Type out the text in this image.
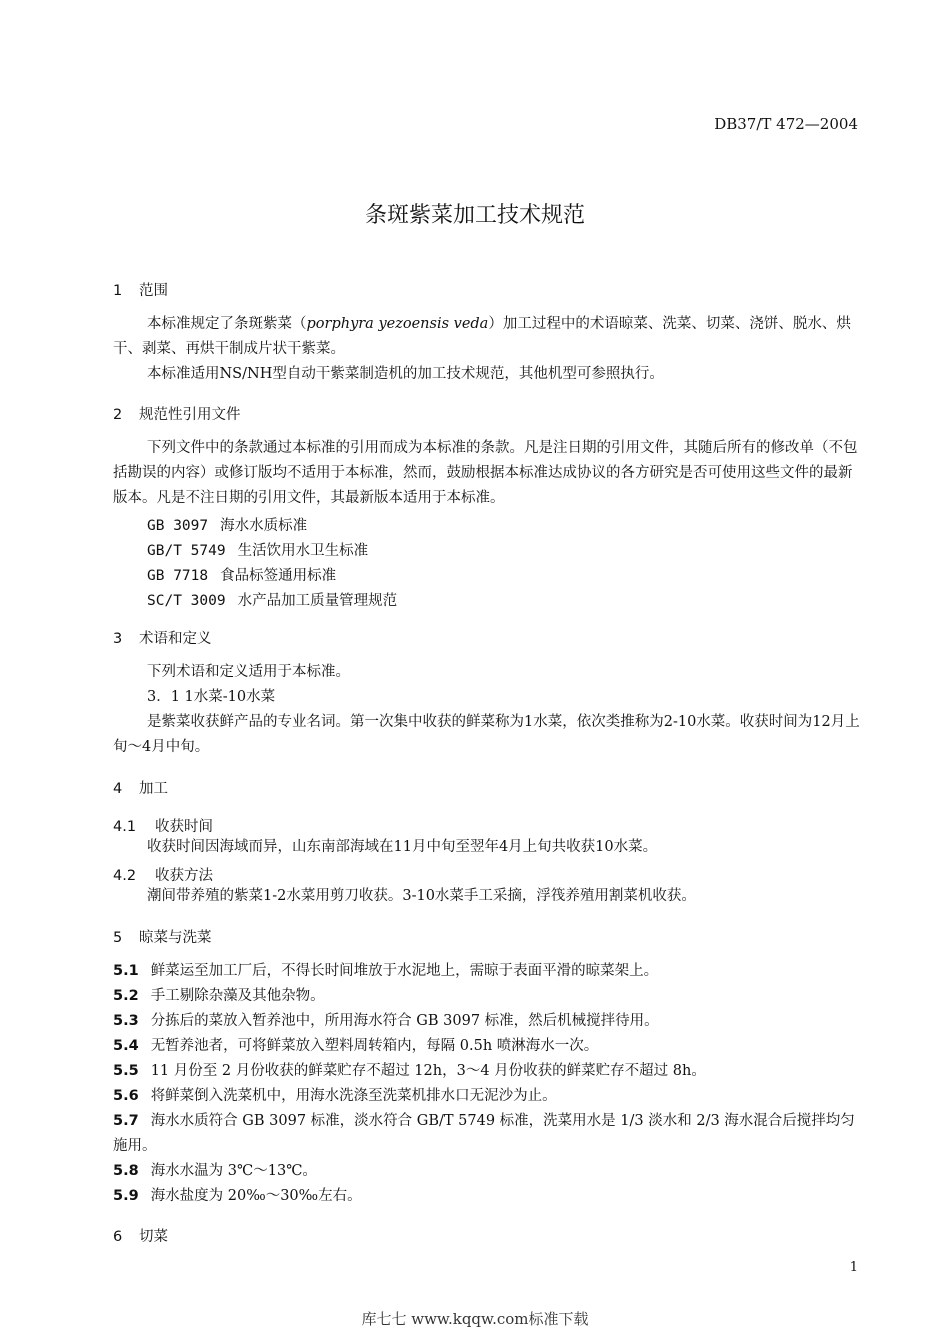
DB37/T 472—2004
条斑紫菜加工技术规范
1 范围
本标准规定了条斑紫菜（porphyra yezoensis veda）加工过程中的术语晾菜、洗菜、切菜、浇饼、脱水、烘干、剥菜、再烘干制成片状干紫菜。
本标准适用NS/NH型自动干紫菜制造机的加工技术规范，其他机型可参照执行。
2 规范性引用文件
下列文件中的条款通过本标准的引用而成为本标准的条款。凡是注日期的引用文件，其随后所有的修改单（不包括勘误的内容）或修订版均不适用于本标准，然而，鼓励根据本标准达成协议的各方研究是否可使用这些文件的最新版本。凡是不注日期的引用文件，其最新版本适用于本标准。
GB 3097 海水水质标准
GB/T 5749 生活饮用水卫生标准
GB 7718 食品标签通用标准
SC/T 3009 水产品加工质量管理规范
3 术语和定义
下列术语和定义适用于本标准。
3．1 1水菜-10水菜
是紫菜收获鲜产品的专业名词。第一次集中收获的鲜菜称为1水菜，依次类推称为2-10水菜。收获时间为12月上旬～4月中旬。
4 加工
4.1 收获时间
收获时间因海域而异，山东南部海域在11月中旬至翌年4月上旬共收获10水菜。
4.2 收获方法
潮间带养殖的紫菜1-2水菜用剪刀收获。3-10水菜手工采摘，浮筏养殖用割菜机收获。
5 晾菜与洗菜
5.1 鲜菜运至加工厂后，不得长时间堆放于水泥地上，需晾于表面平滑的晾菜架上。
5.2 手工剔除杂藻及其他杂物。
5.3 分拣后的菜放入暂养池中，所用海水符合 GB 3097 标准，然后机械搅拌待用。
5.4 无暂养池者，可将鲜菜放入塑料周转箱内，每隔 0.5h 喷淋海水一次。
5.5 11 月份至 2 月份收获的鲜菜贮存不超过 12h，3～4 月份收获的鲜菜贮存不超过 8h。
5.6 将鲜菜倒入洗菜机中，用海水洗涤至洗菜机排水口无泥沙为止。
5.7 海水水质符合 GB 3097 标准，淡水符合 GB/T 5749 标准，洗菜用水是 1/3 淡水和 2/3 海水混合后搅拌均匀施用。
5.8 海水水温为 3℃～13℃。
5.9 海水盐度为 20‰～30‰左右。
6 切菜
1
库七七 www.kqqw.com标准下载
